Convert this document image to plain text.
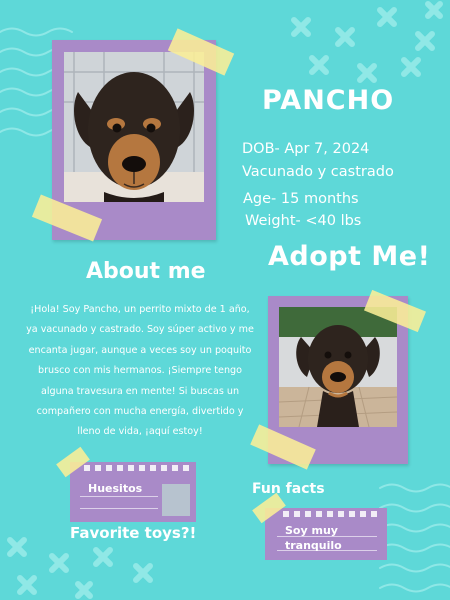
PANCHO
DOB- Apr 7, 2024
Vacunado y castrado
Age- 15 months
Weight- <40 lbs
About me Adopt Me!
¡Hola! Soy Pancho, un perrito mixto de 1 año,
ya vacunado y castrado. Soy súper activo y me
encanta jugar, aunque a veces soy un poquito
brusco con mis hermanos. ¡Siempre tengo
alguna travesura en mente! Si buscas un
compañero con mucha energía, divertido y
lleno de vida, ¡aquí estoy!
Huesitos
Favorite toys?!
Fun facts
Soy muy
tranquilo
